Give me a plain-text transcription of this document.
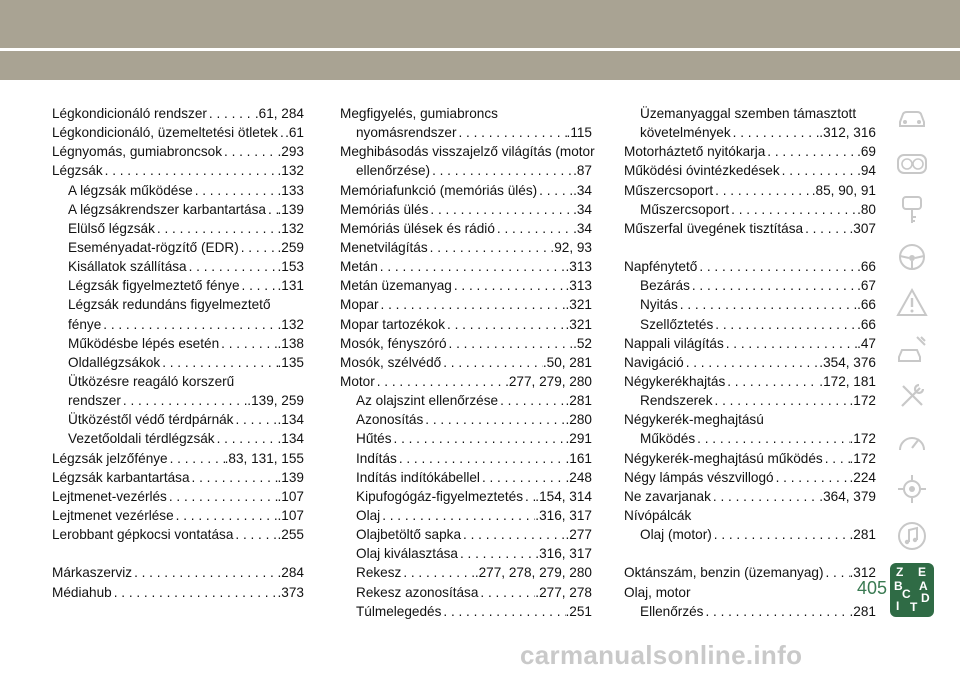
Légkondicionáló rendszer . . .	.61, 284
Légkondicionáló, üzemeltetési ötletek . . . .61
Légnyomás, gumiabroncsok . . .	.293
Légzsák . . .	.132
A légzsák működése . . .	.133
A légzsákrendszer karbantartása . . . .139
Elülső légzsák . . .	.132
Eseményadat-rögzítő (EDR) . . .	.259
Kisállatok szállítása . . .	.153
Légzsák figyelmeztető fénye . . .	.131
Légzsák redundáns figyelmeztető
fénye . . .	.132
Működésbe lépés esetén . . .	.138
Oldallégzsákok . . .	.135
Ütközésre reagáló korszerű
rendszer . . .	.139, 259
Ütközéstől védő térdpárnák . . .	.134
Vezetőoldali térdlégzsák . . .	.134
Légzsák jelzőfénye . . .	.83, 131, 155
Légzsák karbantartása . . .	.139
Lejtmenet-vezérlés . . .	.107
Lejtmenet vezérlése . . .	.107
Lerobbant gépkocsi vontatása . . .	.255
Márkaszerviz . . .	.284
Médiahub . . .	.373
Megfigyelés, gumiabroncs
nyomásrendszer . . .	.115
Meghibásodás visszajelző világítás (motor
ellenőrzése) . . .	.87
Memóriafunkció (memóriás ülés) . . .	.34
Memóriás ülés . . .	.34
Memóriás ülések és rádió . . .	.34
Menetvilágítás . . .	.92, 93
Metán . . .	.313
Metán üzemanyag . . .	.313
Mopar . . .	.321
Mopar tartozékok . . .	.321
Mosók, fényszóró . . .	.52
Mosók, szélvédő . . .	.50, 281
Motor . . .	.277, 279, 280
Az olajszint ellenőrzése . . .	.281
Azonosítás . . .	.280
Hűtés . . .	.291
Indítás . . .	.161
Indítás indítókábellel . . .	.248
Kipufogógáz-figyelmeztetés . . . .154, 314
Olaj . . .	.316, 317
Olajbetöltő sapka . . .	.277
Olaj kiválasztása . . .	.316, 317
Rekesz . . .	.277, 278, 279, 280
Rekesz azonosítása . . .	.277, 278
Túlmelegedés . . .	.251
Üzemanyaggal szemben támasztott
követelmények . . .	.312, 316
Motorháztető nyitókarja . . .	.69
Működési óvintézkedések . . .	.94
Műszercsoport . . .	.85, 90, 91
Műszercsoport . . .	.80
Műszerfal üvegének tisztítása . . .	.307
Napfénytető . . .	.66
Bezárás . . .	.67
Nyitás . . .	.66
Szellőztetés . . .	.66
Nappali világítás . . .	.47
Navigáció . . .	.354, 376
Négykerékhajtás . . .	.172, 181
Rendszerek . . .	.172
Négykerék-meghajtású
Működés . . .	.172
Négykerék-meghajtású működés . . . .172
Négy lámpás vészvillogó . . .	.224
Ne zavarjanak . . .	.364, 379
Nívópálcák
Olaj (motor) . . .	.281
Oktánszám, benzin (üzemanyag) . . . .312
Olaj, motor
Ellenőrzés . . .	.281
Z E
B A
C D
I T
405
carmanualsonline.info
